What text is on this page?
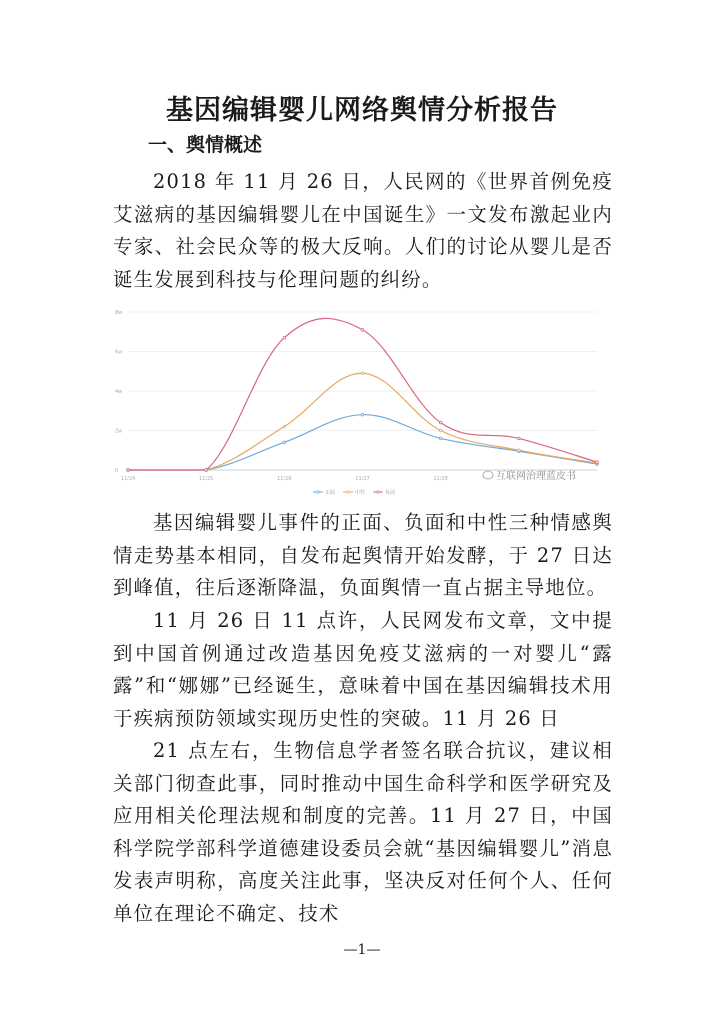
基因编辑婴儿网络舆情分析报告
一、舆情概述
2018 年 11 月 26 日，人民网的《世界首例免疫艾滋病的基因编辑婴儿在中国诞生》一文发布激起业内专家、社会民众等的极大反响。人们的讨论从婴儿是否诞生发展到科技与伦理问题的纠纷。
0
2w
4w
6w
8w
11/24	11/25	11/26	11/27	11/28
正面	中性	负面
互联网治理蓝皮书
基因编辑婴儿事件的正面、负面和中性三种情感舆情走势基本相同，自发布起舆情开始发酵，于 27 日达到峰值，往后逐渐降温，负面舆情一直占据主导地位。
11 月 26 日 11 点许，人民网发布文章，文中提到中国首例通过改造基因免疫艾滋病的一对婴儿“露露”和“娜娜”已经诞生，意味着中国在基因编辑技术用于疾病预防领域实现历史性的突破。11 月 26 日
21 点左右，生物信息学者签名联合抗议，建议相关部门彻查此事，同时推动中国生命科学和医学研究及应用相关伦理法规和制度的完善。11 月 27 日，中国科学院学部科学道德建设委员会就“基因编辑婴儿”消息发表声明称，高度关注此事，坚决反对任何个人、任何单位在理论不确定、技术
—1—
